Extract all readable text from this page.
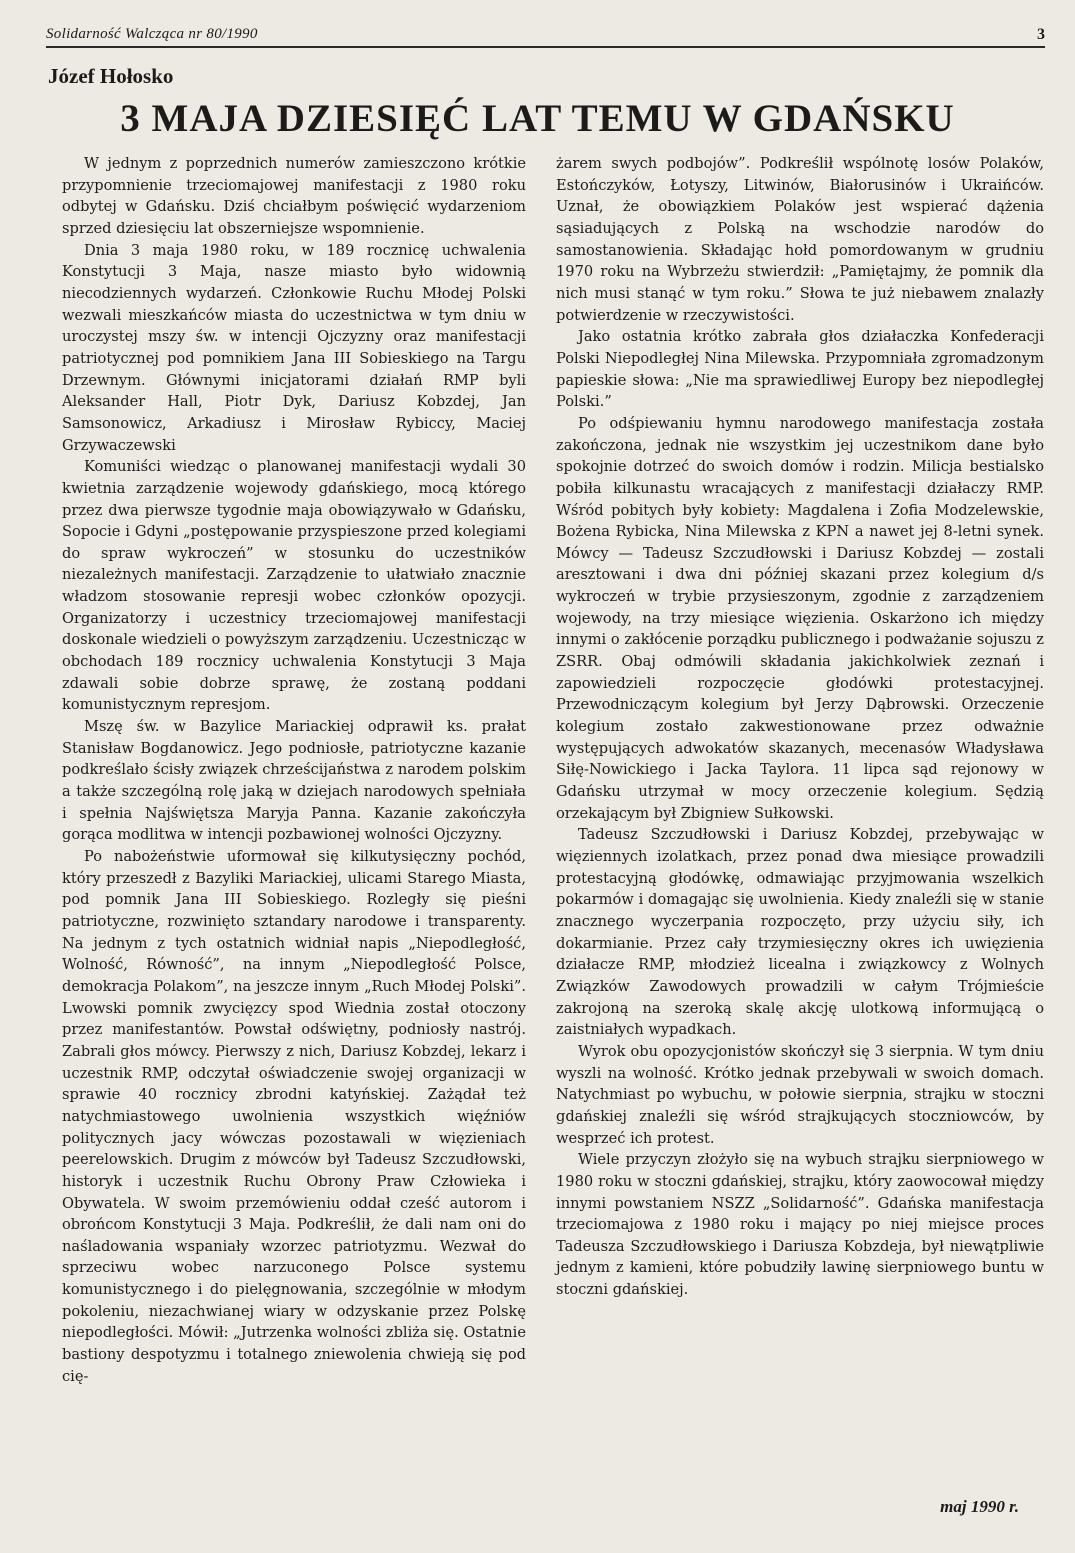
Solidarność Walcząca nr 80/1990	3
Józef Hołosko
3 MAJA DZIESIĘĆ LAT TEMU W GDAŃSKU

W jednym z poprzednich numerów zamieszczono krótkie przypomnienie trzeciomajowej manifestacji z 1980 roku odbytej w Gdańsku. Dziś chciałbym poświęcić wydarzeniom sprzed dziesięciu lat obszerniejsze wspomnienie.

Dnia 3 maja 1980 roku, w 189 rocznicę uchwalenia Konstytucji 3 Maja, nasze miasto było widownią niecodziennych wydarzeń. Członkowie Ruchu Młodej Polski wezwali mieszkańców miasta do uczestnictwa w tym dniu w uroczystej mszy św. w intencji Ojczyzny oraz manifestacji patriotycznej pod pomnikiem Jana III Sobieskiego na Targu Drzewnym. Głównymi inicjatorami działań RMP byli Aleksander Hall, Piotr Dyk, Dariusz Kobzdej, Jan Samsonowicz, Arkadiusz i Mirosław Rybiccy, Maciej Grzywaczewski

Komuniści wiedząc o planowanej manifestacji wydali 30 kwietnia zarządzenie wojewody gdańskiego, mocą którego przez dwa pierwsze tygodnie maja obowiązywało w Gdańsku, Sopocie i Gdyni „postępowanie przyspieszone przed kolegiami do spraw wykroczeń” w stosunku do uczestników niezależnych manifestacji. Zarządzenie to ułatwiało znacznie władzom stosowanie represji wobec członków opozycji. Organizatorzy i uczestnicy trzeciomajowej manifestacji doskonale wiedzieli o powyższym zarządzeniu. Uczestnicząc w obchodach 189 rocznicy uchwalenia Konstytucji 3 Maja zdawali sobie dobrze sprawę, że zostaną poddani komunistycznym represjom.

Mszę św. w Bazylice Mariackiej odprawił ks. prałat Stanisław Bogdanowicz. Jego podniosłe, patriotyczne kazanie podkreślało ścisły związek chrześcijaństwa z narodem polskim a także szczególną rolę jaką w dziejach narodowych spełniała i spełnia Najświętsza Maryja Panna. Kazanie zakończyła gorąca modlitwa w intencji pozbawionej wolności Ojczyzny.

Po nabożeństwie uformował się kilkutysięczny pochód, który przeszedł z Bazyliki Mariackiej, ulicami Starego Miasta, pod pomnik Jana III Sobieskiego. Rozległy się pieśni patriotyczne, rozwinięto sztandary narodowe i transparenty. Na jednym z tych ostatnich widniał napis „Niepodległość, Wolność, Równość”, na innym „Niepodległość Polsce, demokracja Polakom”, na jeszcze innym „Ruch Młodej Polski”. Lwowski pomnik zwycięzcy spod Wiednia został otoczony przez manifestantów. Powstał odświętny, podniosły nastrój. Zabrali głos mówcy. Pierwszy z nich, Dariusz Kobzdej, lekarz i uczestnik RMP, odczytał oświadczenie swojej organizacji w sprawie 40 rocznicy zbrodni katyńskiej. Zażądał też natychmiastowego uwolnienia wszystkich więźniów politycznych jacy wówczas pozostawali w więzieniach peerelowskich. Drugim z mówców był Tadeusz Szczudłowski, historyk i uczestnik Ruchu Obrony Praw Człowieka i Obywatela. W swoim przemówieniu oddał cześć autorom i obrońcom Konstytucji 3 Maja. Podkreślił, że dali nam oni do naśladowania wspaniały wzorzec patriotyzmu. Wezwał do sprzeciwu wobec narzuconego Polsce systemu komunistycznego i do pielęgnowania, szczególnie w młodym pokoleniu, niezachwianej wiary w odzyskanie przez Polskę niepodległości. Mówił: „Jutrzenka wolności zbliża się. Ostatnie bastiony despotyzmu i totalnego zniewolenia chwieją się pod cię-

żarem swych podbojów”. Podkreślił wspólnotę losów Polaków, Estończyków, Łotyszy, Litwinów, Białorusinów i Ukraińców. Uznał, że obowiązkiem Polaków jest wspierać dążenia sąsiadujących z Polską na wschodzie narodów do samostanowienia. Składając hołd pomordowanym w grudniu 1970 roku na Wybrzeżu stwierdził: „Pamiętajmy, że pomnik dla nich musi stanąć w tym roku.” Słowa te już niebawem znalazły potwierdzenie w rzeczywistości.

Jako ostatnia krótko zabrała głos działaczka Konfederacji Polski Niepodległej Nina Milewska. Przypomniała zgromadzonym papieskie słowa: „Nie ma sprawiedliwej Europy bez niepodległej Polski.”

Po odśpiewaniu hymnu narodowego manifestacja została zakończona, jednak nie wszystkim jej uczestnikom dane było spokojnie dotrzeć do swoich domów i rodzin. Milicja bestialsko pobiła kilkunastu wracających z manifestacji działaczy RMP. Wśród pobitych były kobiety: Magdalena i Zofia Modzelewskie, Bożena Rybicka, Nina Milewska z KPN a nawet jej 8-letni synek. Mówcy — Tadeusz Szczudłowski i Dariusz Kobzdej — zostali aresztowani i dwa dni później skazani przez kolegium d/s wykroczeń w trybie przysieszonym, zgodnie z zarządzeniem wojewody, na trzy miesiące więzienia. Oskarżono ich między innymi o zakłócenie porządku publicznego i podważanie sojuszu z ZSRR. Obaj odmówili składania jakichkolwiek zeznań i zapowiedzieli rozpoczęcie głodówki protestacyjnej. Przewodniczącym kolegium był Jerzy Dąbrowski. Orzeczenie kolegium zostało zakwestionowane przez odważnie występujących adwokatów skazanych, mecenasów Władysława Siłę-Nowickiego i Jacka Taylora. 11 lipca sąd rejonowy w Gdańsku utrzymał w mocy orzeczenie kolegium. Sędzią orzekającym był Zbigniew Sułkowski.

Tadeusz Szczudłowski i Dariusz Kobzdej, przebywając w więziennych izolatkach, przez ponad dwa miesiące prowadzili protestacyjną głodówkę, odmawiając przyjmowania wszelkich pokarmów i domagając się uwolnienia. Kiedy znaleźli się w stanie znacznego wyczerpania rozpoczęto, przy użyciu siły, ich dokarmianie. Przez cały trzymiesięczny okres ich uwięzienia działacze RMP, młodzież licealna i związkowcy z Wolnych Związków Zawodowych prowadzili w całym Trójmieście zakrojoną na szeroką skalę akcję ulotkową informującą o zaistniałych wypadkach.

Wyrok obu opozycjonistów skończył się 3 sierpnia. W tym dniu wyszli na wolność. Krótko jednak przebywali w swoich domach. Natychmiast po wybuchu, w połowie sierpnia, strajku w stoczni gdańskiej znaleźli się wśród strajkujących stoczniowców, by wesprzeć ich protest.

Wiele przyczyn złożyło się na wybuch strajku sierpniowego w 1980 roku w stoczni gdańskiej, strajku, który zaowocował między innymi powstaniem NSZZ „Solidarność”. Gdańska manifestacja trzeciomajowa z 1980 roku i mający po niej miejsce proces Tadeusza Szczudłowskiego i Dariusza Kobzdeja, był niewątpliwie jednym z kamieni, które pobudziły lawinę sierpniowego buntu w stoczni gdańskiej.

maj 1990 r.
